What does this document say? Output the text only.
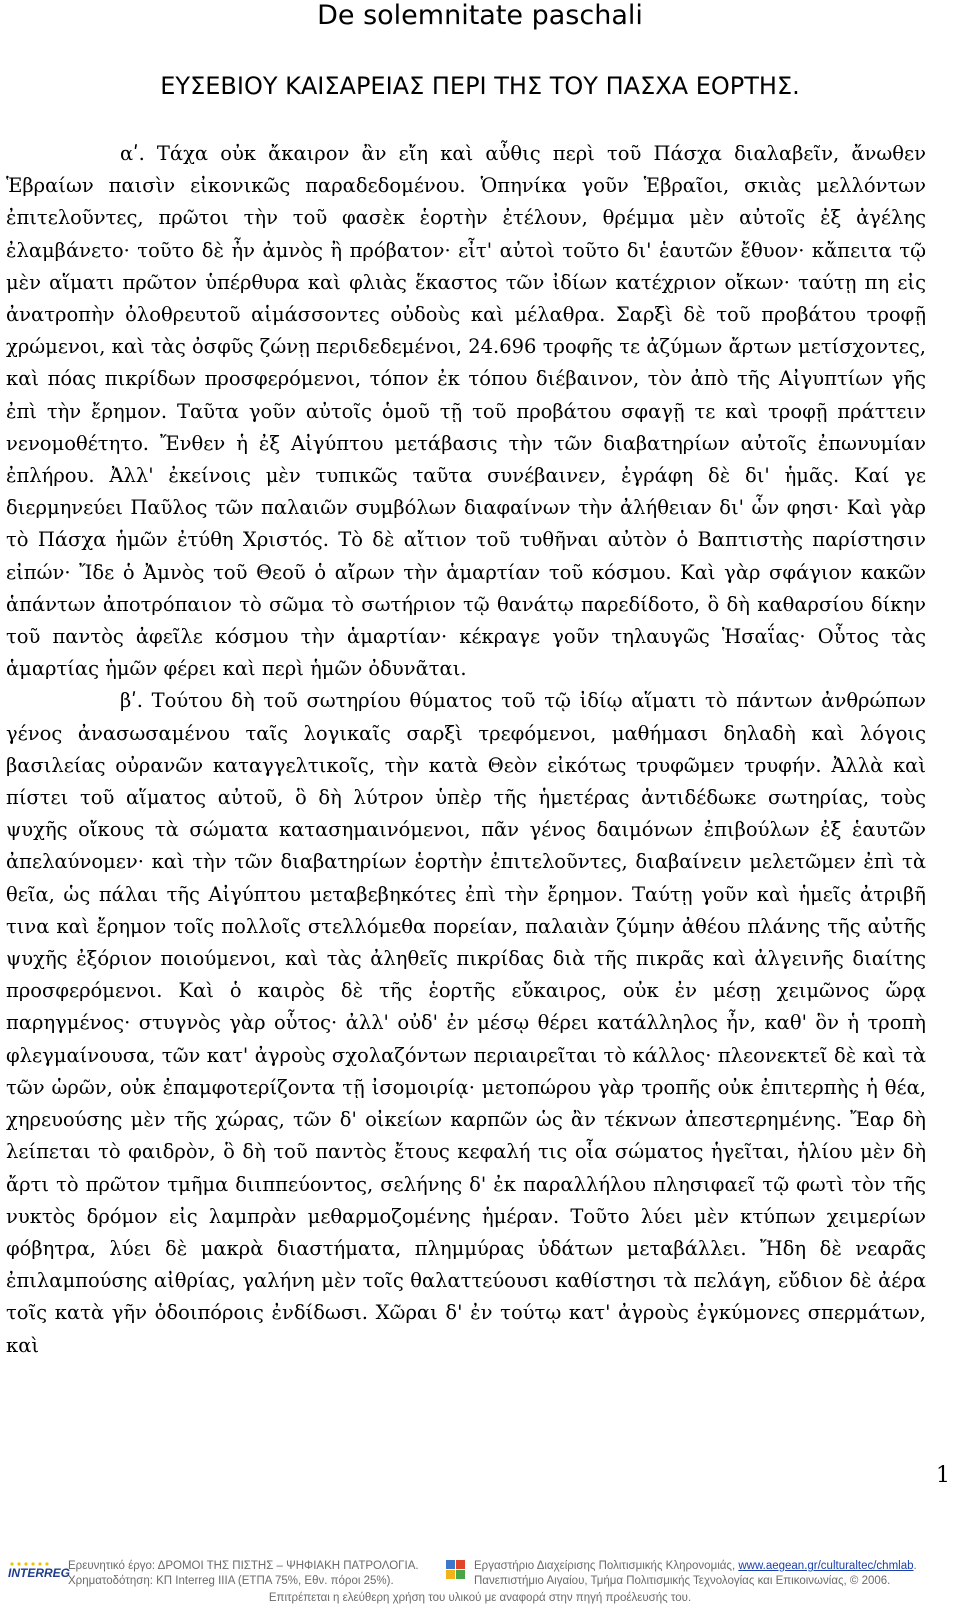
De solemnitate paschali
ΕΥΣΕΒΙΟΥ ΚΑΙΣΑΡΕΙΑΣ ΠΕΡΙ ΤΗΣ ΤΟΥ ΠΑΣΧΑ ΕΟΡΤΗΣ.

αʹ. Τάχα οὐκ ἄκαιρον ἂν εἴη καὶ αὖθις περὶ τοῦ Πάσχα διαλαβεῖν, ἄνωθεν Ἑβραίων παισὶν εἰκονικῶς παραδεδομένου. Ὁπηνίκα γοῦν Ἑβραῖοι, σκιὰς μελλόντων ἐπιτελοῦντες, πρῶτοι τὴν τοῦ φασὲκ ἑορτὴν ἐτέλουν, θρέμμα μὲν αὐτοῖς ἐξ ἀγέλης ἐλαμβάνετο· τοῦτο δὲ ἦν ἀμνὸς ἢ πρόβατον· εἶτ' αὐτοὶ τοῦτο δι' ἑαυτῶν ἔθυον· κἄπειτα τῷ μὲν αἵματι πρῶτον ὑπέρθυρα καὶ φλιὰς ἕκαστος τῶν ἰδίων κατέχριον οἴκων· ταύτῃ πη εἰς ἀνατροπὴν ὀλοθρευτοῦ αἱμάσσοντες οὐδοὺς καὶ μέλαθρα. Σαρξὶ δὲ τοῦ προβάτου τροφῇ χρώμενοι, καὶ τὰς ὀσφῦς ζώνῃ περιδεδεμένοι, 24.696 τροφῆς τε ἀζύμων ἄρτων μετίσχοντες, καὶ πόας πικρίδων προσφερόμενοι, τόπον ἐκ τόπου διέβαινον, τὸν ἀπὸ τῆς Αἰγυπτίων γῆς ἐπὶ τὴν ἔρημον. Ταῦτα γοῦν αὐτοῖς ὁμοῦ τῇ τοῦ προβάτου σφαγῇ τε καὶ τροφῇ πράττειν νενομοθέτητο. Ἔνθεν ἡ ἐξ Αἰγύπτου μετάβασις τὴν τῶν διαβατηρίων αὐτοῖς ἐπωνυμίαν ἐπλήρου. Ἀλλ' ἐκείνοις μὲν τυπικῶς ταῦτα συνέβαινεν, ἐγράφη δὲ δι' ἡμᾶς. Καί γε διερμηνεύει Παῦλος τῶν παλαιῶν συμβόλων διαφαίνων τὴν ἀλήθειαν δι' ὧν φησι· Καὶ γὰρ τὸ Πάσχα ἡμῶν ἐτύθη Χριστός. Τὸ δὲ αἴτιον τοῦ τυθῆναι αὐτὸν ὁ Βαπτιστὴς παρίστησιν εἰπών· Ἴδε ὁ Ἀμνὸς τοῦ Θεοῦ ὁ αἴρων τὴν ἁμαρτίαν τοῦ κόσμου. Καὶ γὰρ σφάγιον κακῶν ἁπάντων ἀποτρόπαιον τὸ σῶμα τὸ σωτήριον τῷ θανάτῳ παρεδίδοτο, ὃ δὴ καθαρσίου δίκην τοῦ παντὸς ἀφεῖλε κόσμου τὴν ἁμαρτίαν· κέκραγε γοῦν τηλαυγῶς Ἡσαΐας· Οὗτος τὰς ἁμαρτίας ἡμῶν φέρει καὶ περὶ ἡμῶν ὀδυνᾶται.

βʹ. Τούτου δὴ τοῦ σωτηρίου θύματος τοῦ τῷ ἰδίῳ αἵματι τὸ πάντων ἀνθρώπων γένος ἀνασωσαμένου ταῖς λογικαῖς σαρξὶ τρεφόμενοι, μαθήμασι δηλαδὴ καὶ λόγοις βασιλείας οὐρανῶν καταγγελτικοῖς, τὴν κατὰ Θεὸν εἰκότως τρυφῶμεν τρυφήν. Ἀλλὰ καὶ πίστει τοῦ αἵματος αὐτοῦ, ὃ δὴ λύτρον ὑπὲρ τῆς ἡμετέρας ἀντιδέδωκε σωτηρίας, τοὺς ψυχῆς οἴκους τὰ σώματα κατασημαινόμενοι, πᾶν γένος δαιμόνων ἐπιβούλων ἐξ ἑαυτῶν ἀπελαύνομεν· καὶ τὴν τῶν διαβατηρίων ἑορτὴν ἐπιτελοῦντες, διαβαίνειν μελετῶμεν ἐπὶ τὰ θεῖα, ὡς πάλαι τῆς Αἰγύπτου μεταβεβηκότες ἐπὶ τὴν ἔρημον. Ταύτῃ γοῦν καὶ ἡμεῖς ἀτριβῆ τινα καὶ ἔρημον τοῖς πολλοῖς στελλόμεθα πορείαν, παλαιὰν ζύμην ἀθέου πλάνης τῆς αὐτῆς ψυχῆς ἐξόριον ποιούμενοι, καὶ τὰς ἀληθεῖς πικρίδας διὰ τῆς πικρᾶς καὶ ἀλγεινῆς διαίτης προσφερόμενοι. Καὶ ὁ καιρὸς δὲ τῆς ἑορτῆς εὔκαιρος, οὐκ ἐν μέσῃ χειμῶνος ὥρᾳ παρηγμένος· στυγνὸς γὰρ οὗτος· ἀλλ' οὐδ' ἐν μέσῳ θέρει κατάλληλος ἦν, καθ' ὃν ἡ τροπὴ φλεγμαίνουσα, τῶν κατ' ἀγροὺς σχολαζόντων περιαιρεῖται τὸ κάλλος· πλεονεκτεῖ δὲ καὶ τὰ τῶν ὡρῶν, οὐκ ἐπαμφοτερίζοντα τῇ ἰσομοιρίᾳ· μετοπώρου γὰρ τροπῆς οὐκ ἐπιτερπὴς ἡ θέα, χηρευούσης μὲν τῆς χώρας, τῶν δ' οἰκείων καρπῶν ὡς ἂν τέκνων ἀπεστερημένης. Ἔαρ δὴ λείπεται τὸ φαιδρὸν, ὃ δὴ τοῦ παντὸς ἔτους κεφαλή τις οἷα σώματος ἡγεῖται, ἡλίου μὲν δὴ ἄρτι τὸ πρῶτον τμῆμα διιππεύοντος, σελήνης δ' ἐκ παραλλήλου πλησιφαεῖ τῷ φωτὶ τὸν τῆς νυκτὸς δρόμον εἰς λαμπρὰν μεθαρμοζομένης ἡμέραν. Τοῦτο λύει μὲν κτύπων χειμερίων φόβητρα, λύει δὲ μακρὰ διαστήματα, πλημμύρας ὑδάτων μεταβάλλει. Ἤδη δὲ νεαρᾶς ἐπιλαμπούσης αἰθρίας, γαλήνη μὲν τοῖς θαλαττεύουσι καθίστησι τὰ πελάγη, εὔδιον δὲ ἀέρα τοῖς κατὰ γῆν ὁδοιπόροις ἐνδίδωσι. Χῶραι δ' ἐν τούτῳ κατ' ἀγροὺς ἐγκύμονες σπερμάτων, καὶ

1
INTERREG
Ερευνητικό έργο: ΔΡΟΜΟΙ ΤΗΣ ΠΙΣΤΗΣ – ΨΗΦΙΑΚΗ ΠΑΤΡΟΛΟΓΙΑ.
Χρηματοδότηση: ΚΠ Interreg IIIA (ΕΤΠΑ 75%, Εθν. πόροι 25%).
Εργαστήριο Διαχείρισης Πολιτισμικής Κληρονομιάς, www.aegean.gr/culturaltec/chmlab.
Πανεπιστήμιο Αιγαίου, Τμήμα Πολιτισμικής Τεχνολογίας και Επικοινωνίας, © 2006.
Επιτρέπεται η ελεύθερη χρήση του υλικού με αναφορά στην πηγή προέλευσής του.
